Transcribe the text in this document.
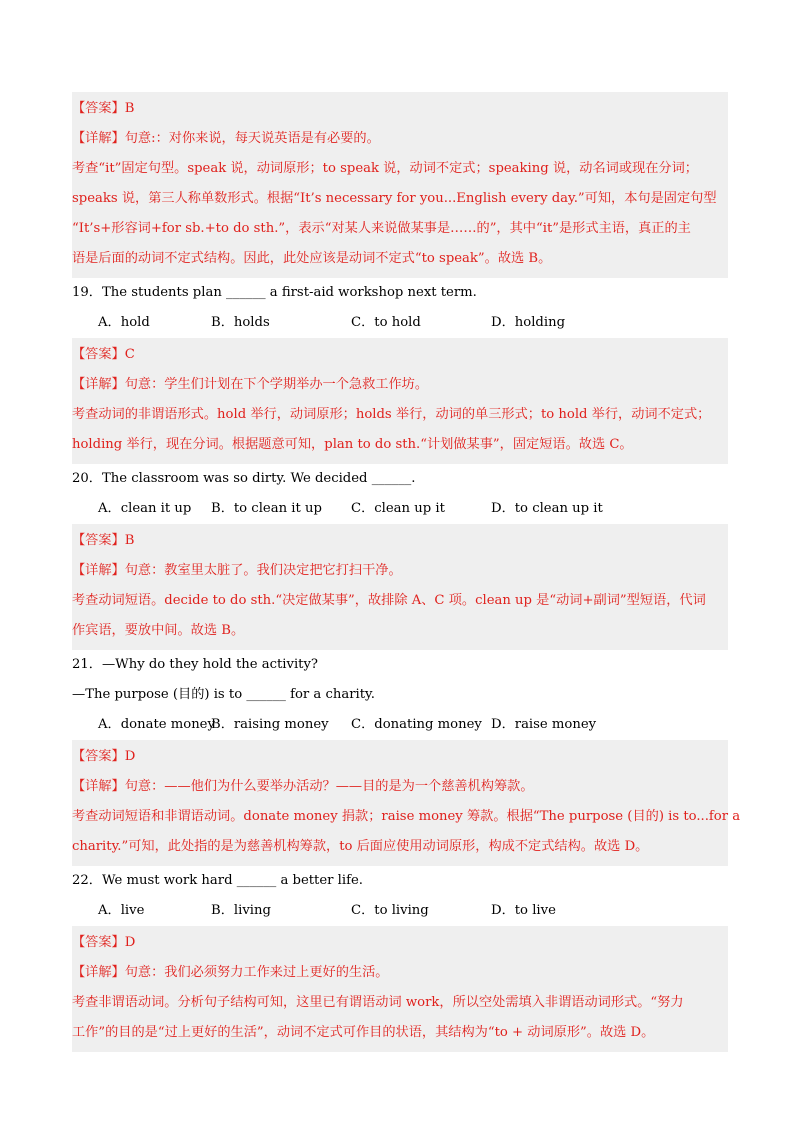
【答案】B
【详解】句意:：对你来说，每天说英语是有必要的。
考查“it”固定句型。speak 说，动词原形；to speak 说，动词不定式；speaking 说，动名词或现在分词；
speaks 说，第三人称单数形式。根据“It’s necessary for you...English every day.”可知，本句是固定句型
“It’s+形容词+for sb.+to do sth.”，表示“对某人来说做某事是……的”，其中“it”是形式主语，真正的主
语是后面的动词不定式结构。因此，此处应该是动词不定式“to speak”。故选 B。
19．The students plan ______ a first-aid workshop next term.
A．hold	B．holds	C．to hold	D．holding
【答案】C
【详解】句意：学生们计划在下个学期举办一个急救工作坊。
考查动词的非谓语形式。hold 举行，动词原形；holds 举行，动词的单三形式；to hold 举行，动词不定式；
holding 举行，现在分词。根据题意可知，plan to do sth.“计划做某事”，固定短语。故选 C。
20．The classroom was so dirty. We decided ______.
A．clean it up	B．to clean it up	C．clean up it	D．to clean up it
【答案】B
【详解】句意：教室里太脏了。我们决定把它打扫干净。
考查动词短语。decide to do sth.“决定做某事”，故排除 A、C 项。clean up 是“动词+副词”型短语，代词
作宾语，要放中间。故选 B。
21．—Why do they hold the activity?
—The purpose (目的) is to ______ for a charity.
A．donate money
B．raising money	C．donating money D．raise money
【答案】D
【详解】句意：——他们为什么要举办活动？——目的是为一个慈善机构筹款。
考查动词短语和非谓语动词。donate money 捐款；raise money 筹款。根据“The purpose (目的) is to...for a
charity.”可知，此处指的是为慈善机构筹款，to 后面应使用动词原形，构成不定式结构。故选 D。
22．We must work hard ______ a better life.
A．live	B．living	C．to living	D．to live
【答案】D
【详解】句意：我们必须努力工作来过上更好的生活。
考查非谓语动词。分析句子结构可知，这里已有谓语动词 work，所以空处需填入非谓语动词形式。“努力
工作”的目的是“过上更好的生活”，动词不定式可作目的状语，其结构为“to + 动词原形”。故选 D。
